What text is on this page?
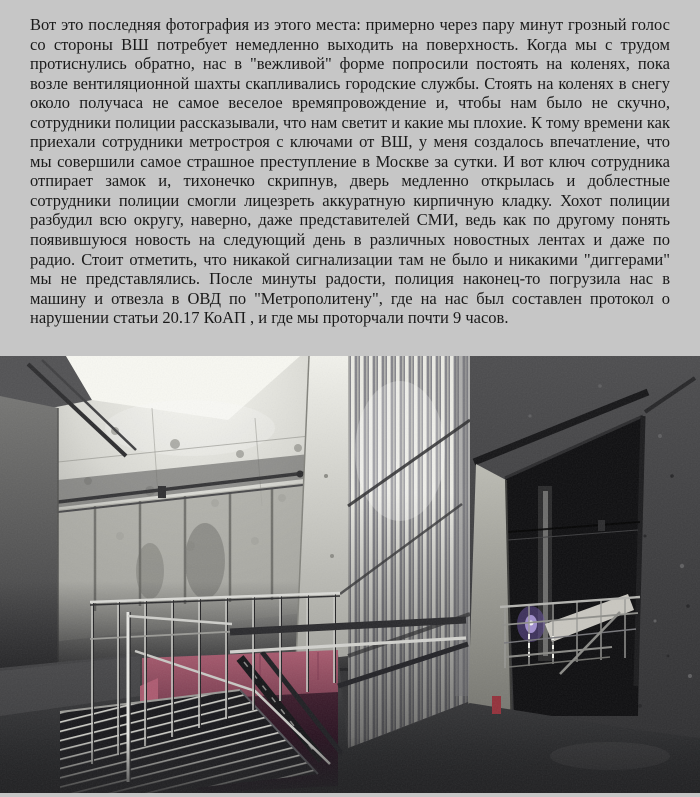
Вот это последняя фотография из этого места: примерно через пару минут грозный голос со стороны ВШ потребует немедленно выходить на поверхность. Когда мы с трудом протиснулись обратно, нас в "вежливой" форме попросили постоять на коленях, пока возле вентиляционной шахты скапливались городские службы. Стоять на коленях в снегу около получаса не самое веселое времяпровождение и, чтобы нам было не скучно, сотрудники полиции рассказывали, что нам светит и какие мы плохие. К тому времени как приехали сотрудники метростроя с ключами от ВШ, у меня создалось впечатление, что мы совершили самое страшное преступление в Москве за сутки. И вот ключ сотрудника отпирает замок и, тихонечко скрипнув, дверь медленно открылась и доблестные сотрудники полиции смогли лицезреть аккуратную кирпичную кладку. Хохот полиции разбудил всю округу, наверно, даже представителей СМИ, ведь как по другому понять появившуюся новость на следующий день в различных новостных лентах и даже по радио. Стоит отметить, что никакой сигнализации там не было и никакими "диггерами" мы не представлялись. После минуты радости, полиция наконец-то погрузила нас в машину и отвезла в ОВД по "Метрополитену", где на нас был составлен протокол о нарушении статьи 20.17 КоАП , и где мы проторчали почти 9 часов.
